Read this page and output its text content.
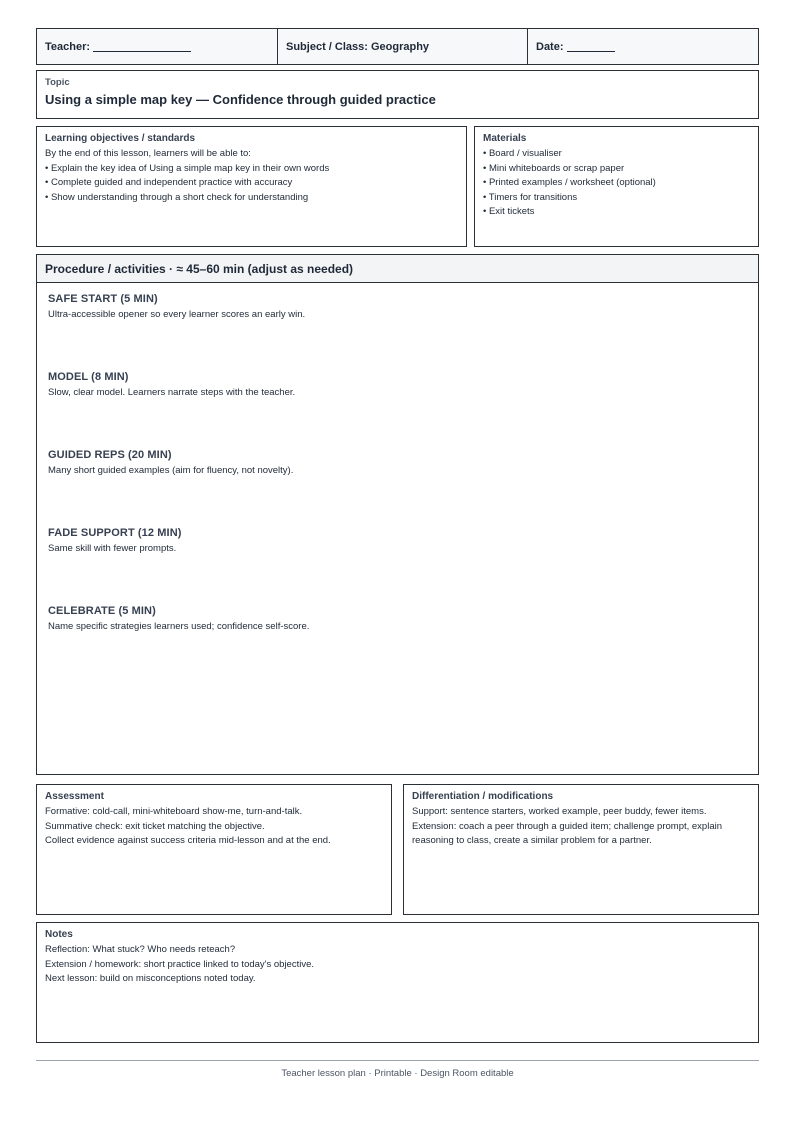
Teacher:	Subject / Class: Geography	Date:
Topic
Using a simple map key — Confidence through guided practice
Learning objectives / standards
By the end of this lesson, learners will be able to:
• Explain the key idea of Using a simple map key in their own words
• Complete guided and independent practice with accuracy
• Show understanding through a short check for understanding
Materials
• Board / visualiser
• Mini whiteboards or scrap paper
• Printed examples / worksheet (optional)
• Timers for transitions
• Exit tickets
Procedure / activities · ≈ 45–60 min (adjust as needed)
SAFE START (5 MIN)
Ultra-accessible opener so every learner scores an early win.
MODEL (8 MIN)
Slow, clear model. Learners narrate steps with the teacher.
GUIDED REPS (20 MIN)
Many short guided examples (aim for fluency, not novelty).
FADE SUPPORT (12 MIN)
Same skill with fewer prompts.
CELEBRATE (5 MIN)
Name specific strategies learners used; confidence self-score.
Assessment
Formative: cold-call, mini-whiteboard show-me, turn-and-talk.
Summative check: exit ticket matching the objective.
Collect evidence against success criteria mid-lesson and at the end.
Differentiation / modifications
Support: sentence starters, worked example, peer buddy, fewer items.
Extension: coach a peer through a guided item; challenge prompt, explain
reasoning to class, create a similar problem for a partner.
Notes
Reflection: What stuck? Who needs reteach?
Extension / homework: short practice linked to today's objective.
Next lesson: build on misconceptions noted today.
Teacher lesson plan · Printable · Design Room editable
